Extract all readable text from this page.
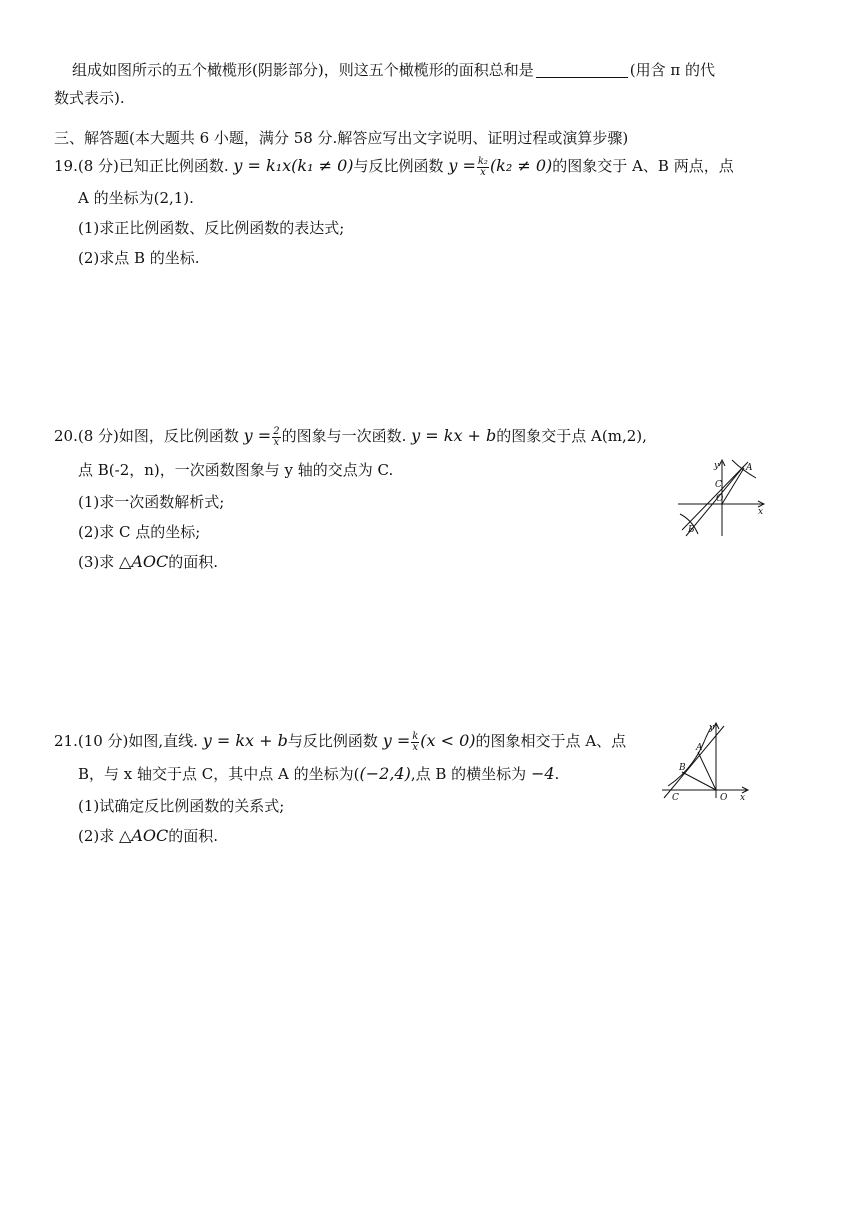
组成如图所示的五个橄榄形(阴影部分)，则这五个橄榄形的面积总和是	(用含 π 的代
数式表示).
三、解答题(本大题共 6 小题，满分 58 分.解答应写出文字说明、证明过程或演算步骤)
19.(8 分)已知正比例函数. y = k₁x(k₁ ≠ 0)与反比例函数 $y = \frac{\text{k₂}}{x} (k_2 \ne 0)$的图象交于 A、B 两点，点
A 的坐标为(2,1).
(1)求正比例函数、反比例函数的表达式;
(2)求点 B 的坐标.
20.(8 分)如图，反比例函数 $y = \frac{2}{x}$ 的图象与一次函数. y = kx + b的图象交于点 A(m,2),
点 B(-2，n)，一次函数图象与 y 轴的交点为 C.
(1)求一次函数解析式;
(2)求 C 点的坐标;
(3)求 △AOC的面积.
y
x
A
C
O
B
21.(10 分)如图,直线. y = kx + b与反比例函数 $y = \frac{k}{x} (x < 0)$的图象相交于点 A、点
B，与 x 轴交于点 C，其中点 A 的坐标为((−2,4),点 B 的横坐标为 −4.
(1)试确定反比例函数的关系式;
(2)求 △AOC的面积.
y
x
A
B
C	O
